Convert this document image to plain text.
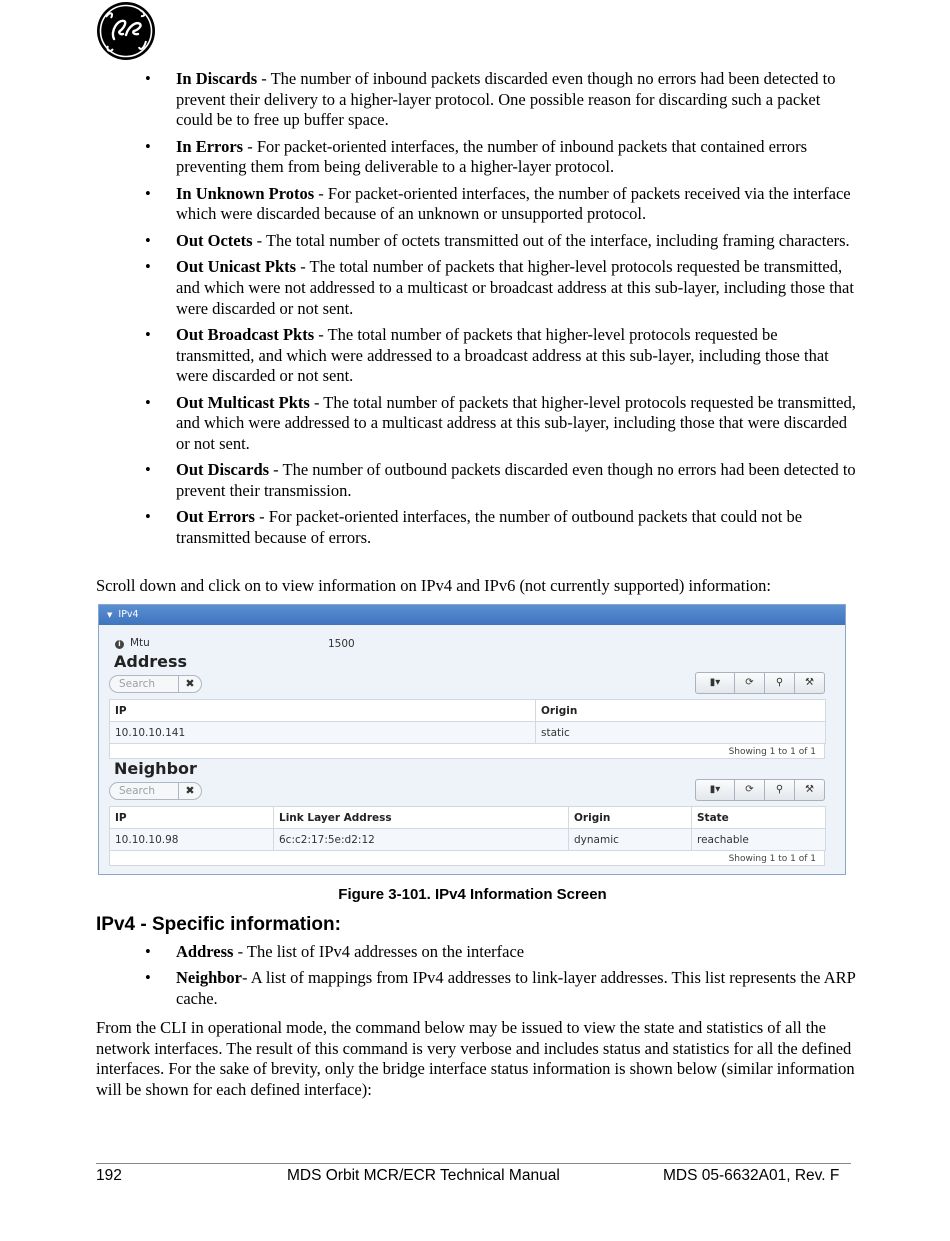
• In Discards - The number of inbound packets discarded even though no errors had been detected to prevent their delivery to a higher-layer protocol. One possible reason for discarding such a packet could be to free up buffer space.
• In Errors - For packet-oriented interfaces, the number of inbound packets that contained errors preventing them from being deliverable to a higher-layer protocol.
• In Unknown Protos - For packet-oriented interfaces, the number of packets received via the interface which were discarded because of an unknown or unsupported protocol.
• Out Octets - The total number of octets transmitted out of the interface, including framing characters.
• Out Unicast Pkts - The total number of packets that higher-level protocols requested be transmitted, and which were not addressed to a multicast or broadcast address at this sub-layer, including those that were discarded or not sent.
• Out Broadcast Pkts - The total number of packets that higher-level protocols requested be transmitted, and which were addressed to a broadcast address at this sub-layer, including those that were discarded or not sent.
• Out Multicast Pkts - The total number of packets that higher-level protocols requested be transmitted, and which were addressed to a multicast address at this sub-layer, including those that were discarded or not sent.
• Out Discards - The number of outbound packets discarded even though no errors had been detected to prevent their transmission.
• Out Errors - For packet-oriented interfaces, the number of outbound packets that could not be transmitted because of errors.

Scroll down and click on to view information on IPv4 and IPv6 (not currently supported) information:

▼ IPv4
i Mtu	1500
Address
Search	✖	▮▾	⟳	⚲	⚒
IP	Origin
10.10.10.141	static
Showing 1 to 1 of 1
Neighbor
Search	✖	▮▾	⟳	⚲	⚒
IP	Link Layer Address	Origin	State
10.10.10.98	6c:c2:17:5e:d2:12	dynamic	reachable
Showing 1 to 1 of 1
Figure 3-101. IPv4 Information Screen
IPv4 - Specific information:
• Address - The list of IPv4 addresses on the interface
• Neighbor- A list of mappings from IPv4 addresses to link-layer addresses. This list represents the ARP cache.

From the CLI in operational mode, the command below may be issued to view the state and statistics of all the network interfaces. The result of this command is very verbose and includes status and statistics for all the defined interfaces. For the sake of brevity, only the bridge interface status information is shown below (similar information will be shown for each defined interface):

192	MDS Orbit MCR/ECR Technical Manual	MDS 05-6632A01, Rev. F
